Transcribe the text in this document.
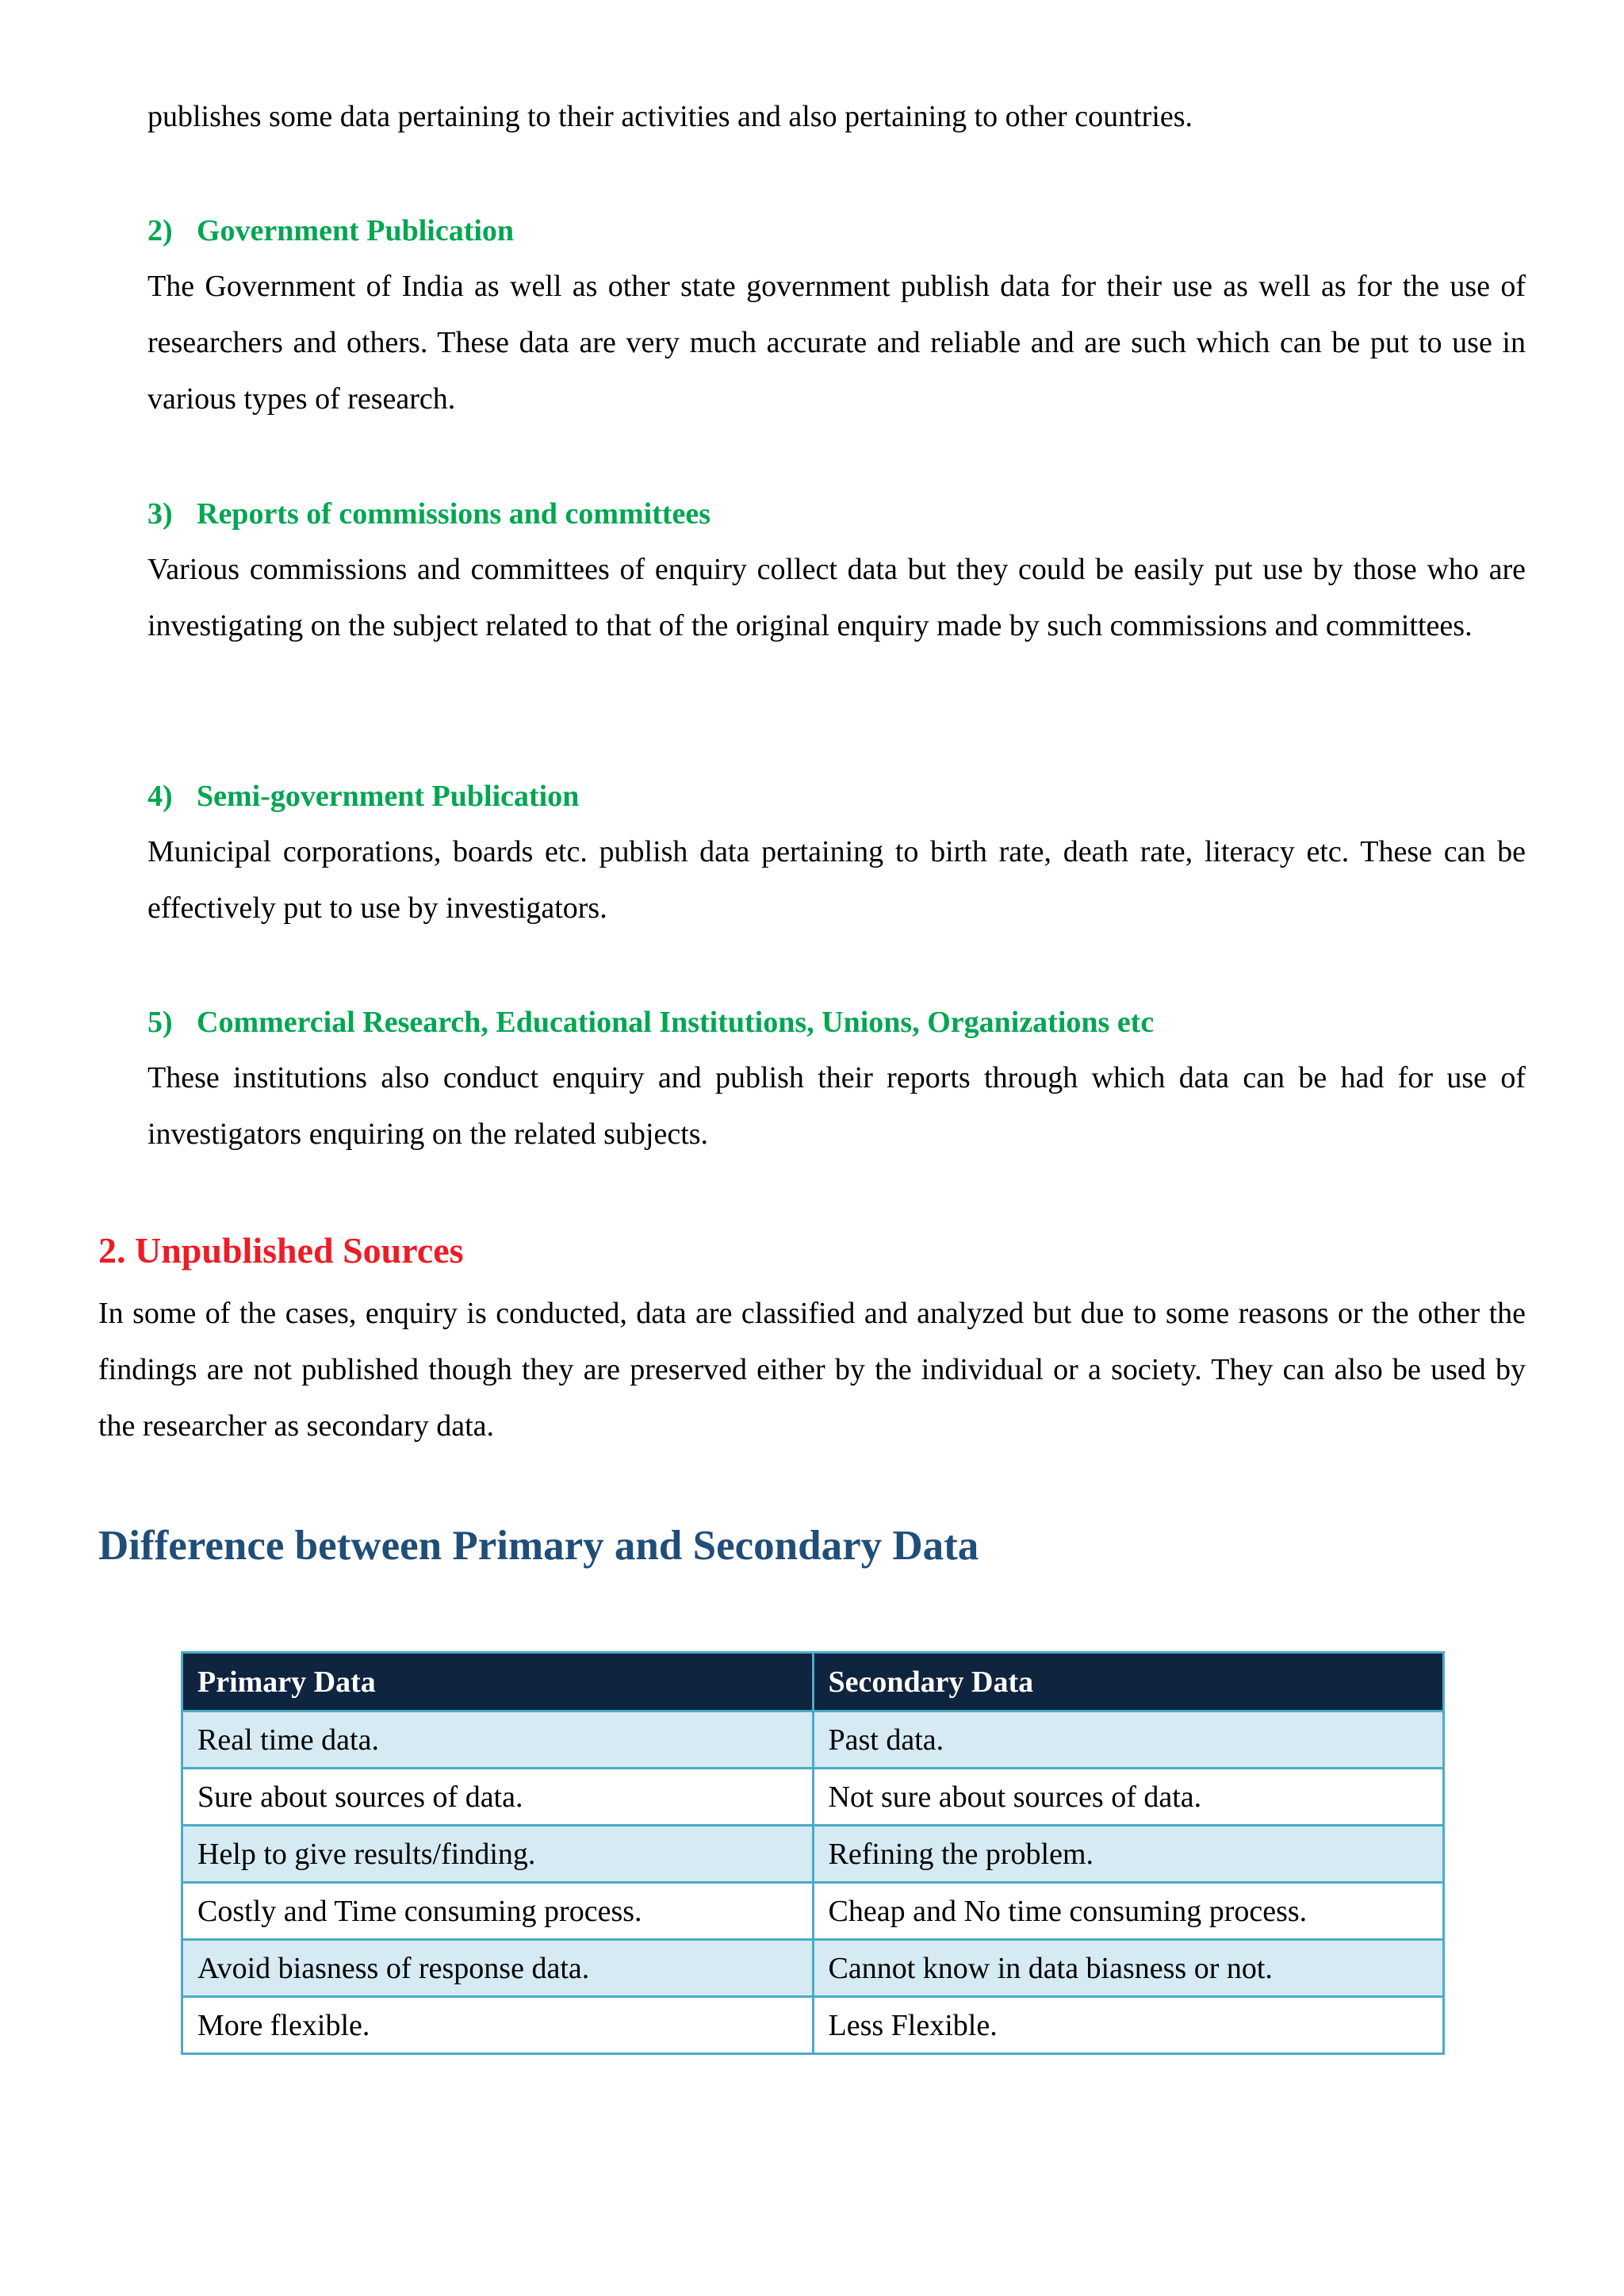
publishes some data pertaining to their activities and also pertaining to other countries.

2) Government Publication

The Government of India as well as other state government publish data for their use as well as for the use of researchers and others. These data are very much accurate and reliable and are such which can be put to use in various types of research.

3) Reports of commissions and committees

Various commissions and committees of enquiry collect data but they could be easily put use by those who are investigating on the subject related to that of the original enquiry made by such commissions and committees.

4) Semi-government Publication

Municipal corporations, boards etc. publish data pertaining to birth rate, death rate, literacy etc. These can be effectively put to use by investigators.

5) Commercial Research, Educational Institutions, Unions, Organizations etc

These institutions also conduct enquiry and publish their reports through which data can be had for use of investigators enquiring on the related subjects.

2. Unpublished Sources

In some of the cases, enquiry is conducted, data are classified and analyzed but due to some reasons or the other the findings are not published though they are preserved either by the individual or a society. They can also be used by the researcher as secondary data.

Difference between Primary and Secondary Data
Primary Data	Secondary Data
Real time data.	Past data.
Sure about sources of data.	Not sure about sources of data.
Help to give results/finding.	Refining the problem.
Costly and Time consuming process.	Cheap and No time consuming process.
Avoid biasness of response data.	Cannot know in data biasness or not.
More flexible.	Less Flexible.
